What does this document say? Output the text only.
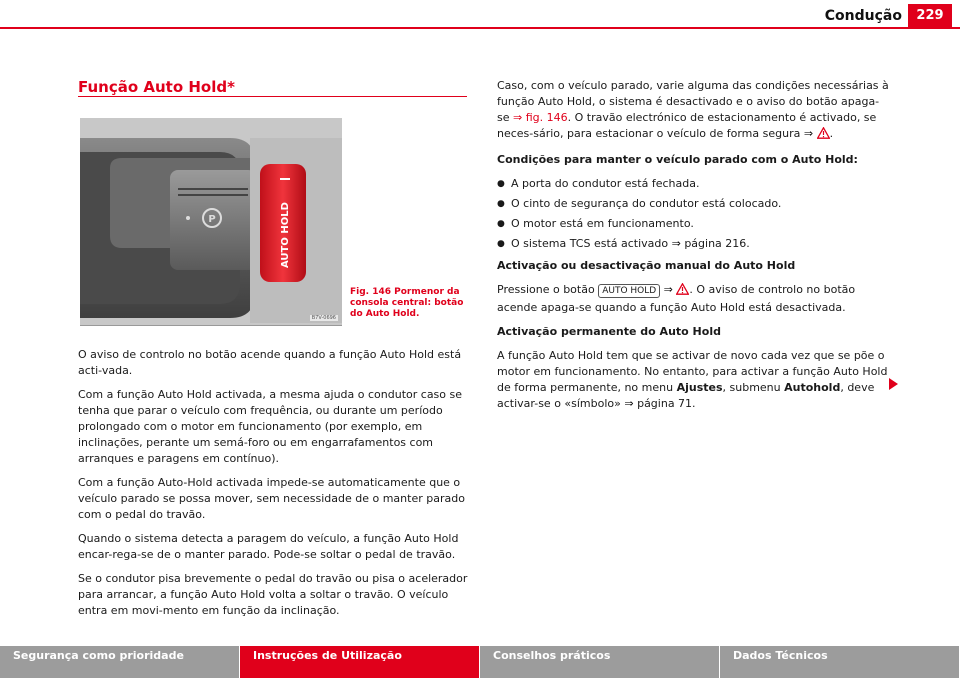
Condução	229
Função Auto Hold*
P	AUTO HOLD
B7V-0696
Fig. 146 Pormenor da consola central: botão do Auto Hold.

O aviso de controlo no botão acende quando a função Auto Hold está acti-vada.

Com a função Auto Hold activada, a mesma ajuda o condutor caso se tenha que parar o veículo com frequência, ou durante um período prolongado com o motor em funcionamento (por exemplo, em inclinações, perante um semá-foro ou em engarrafamentos com arranques e paragens em contínuo).

Com a função Auto-Hold activada impede-se automaticamente que o veículo parado se possa mover, sem necessidade de o manter parado com o pedal do travão.

Quando o sistema detecta a paragem do veículo, a função Auto Hold encar-rega-se de o manter parado. Pode-se soltar o pedal de travão.

Se o condutor pisa brevemente o pedal do travão ou pisa o acelerador para arrancar, a função Auto Hold volta a soltar o travão. O veículo entra em movi-mento em função da inclinação.

Caso, com o veículo parado, varie alguma das condições necessárias à função Auto Hold, o sistema é desactivado e o aviso do botão apaga-se ⇒ fig. 146. O travão electrónico de estacionamento é activado, se neces-sário, para estacionar o veículo de forma segura ⇒ .

Condições para manter o veículo parado com o Auto Hold:

● A porta do condutor está fechada.
● O cinto de segurança do condutor está colocado.
● O motor está em funcionamento.
● O sistema TCS está activado ⇒ página 216.

Activação ou desactivação manual do Auto Hold

Pressione o botão AUTO HOLD ⇒ . O aviso de controlo no botão acende apaga-se quando a função Auto Hold está desactivada.

Activação permanente do Auto Hold

A função Auto Hold tem que se activar de novo cada vez que se põe o motor em funcionamento. No entanto, para activar a função Auto Hold de forma permanente, no menu Ajustes, submenu Autohold, deve activar-se o «símbolo» ⇒ página 71.

Segurança como prioridade	Instruções de Utilização	Conselhos práticos	Dados Técnicos
